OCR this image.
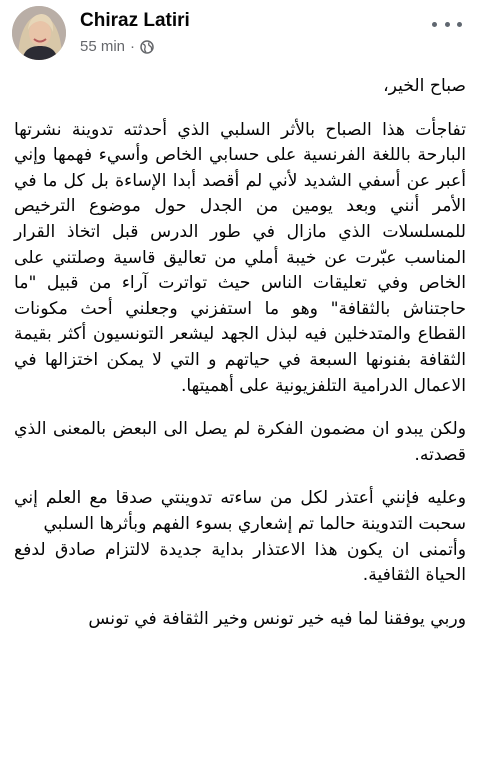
Chiraz Latiri
55 min ·

صباح الخير،

تفاجأت هذا الصباح بالأثر السلبي الذي أحدثته تدوينة نشرتها البارحة باللغة الفرنسية على حسابي الخاص وأسيء فهمها وإني أعبر عن أسفي الشديد لأني لم أقصد أبدا الإساءة بل كل ما في الأمر أنني وبعد يومين من الجدل حول موضوع الترخيص للمسلسلات الذي مازال في طور الدرس قبل اتخاذ القرار المناسب عبّرت عن خيبة أملي من تعاليق قاسية وصلتني على الخاص وفي تعليقات الناس حيث تواترت آراء من قبيل "ما حاجتناش بالثقافة" وهو ما استفزني وجعلني أحث مكونات القطاع والمتدخلين فيه لبذل الجهد ليشعر التونسيون أكثر بقيمة الثقافة بفنونها السبعة في حياتهم و التي لا يمكن اختزالها في الاعمال الدرامية التلفزيونية على أهميتها.

ولكن يبدو ان مضمون الفكرة لم يصل الى البعض بالمعنى الذي قصدته.

وعليه فإنني أعتذر لكل من ساءته تدوينتي صدقا مع العلم إني سحبت التدوينة حالما تم إشعاري بسوء الفهم وبأثرها السلبي

وأتمنى ان يكون هذا الاعتذار بداية جديدة لالتزام صادق لدفع الحياة الثقافية.

وربي يوفقنا لما فيه خير تونس وخير الثقافة في تونس
